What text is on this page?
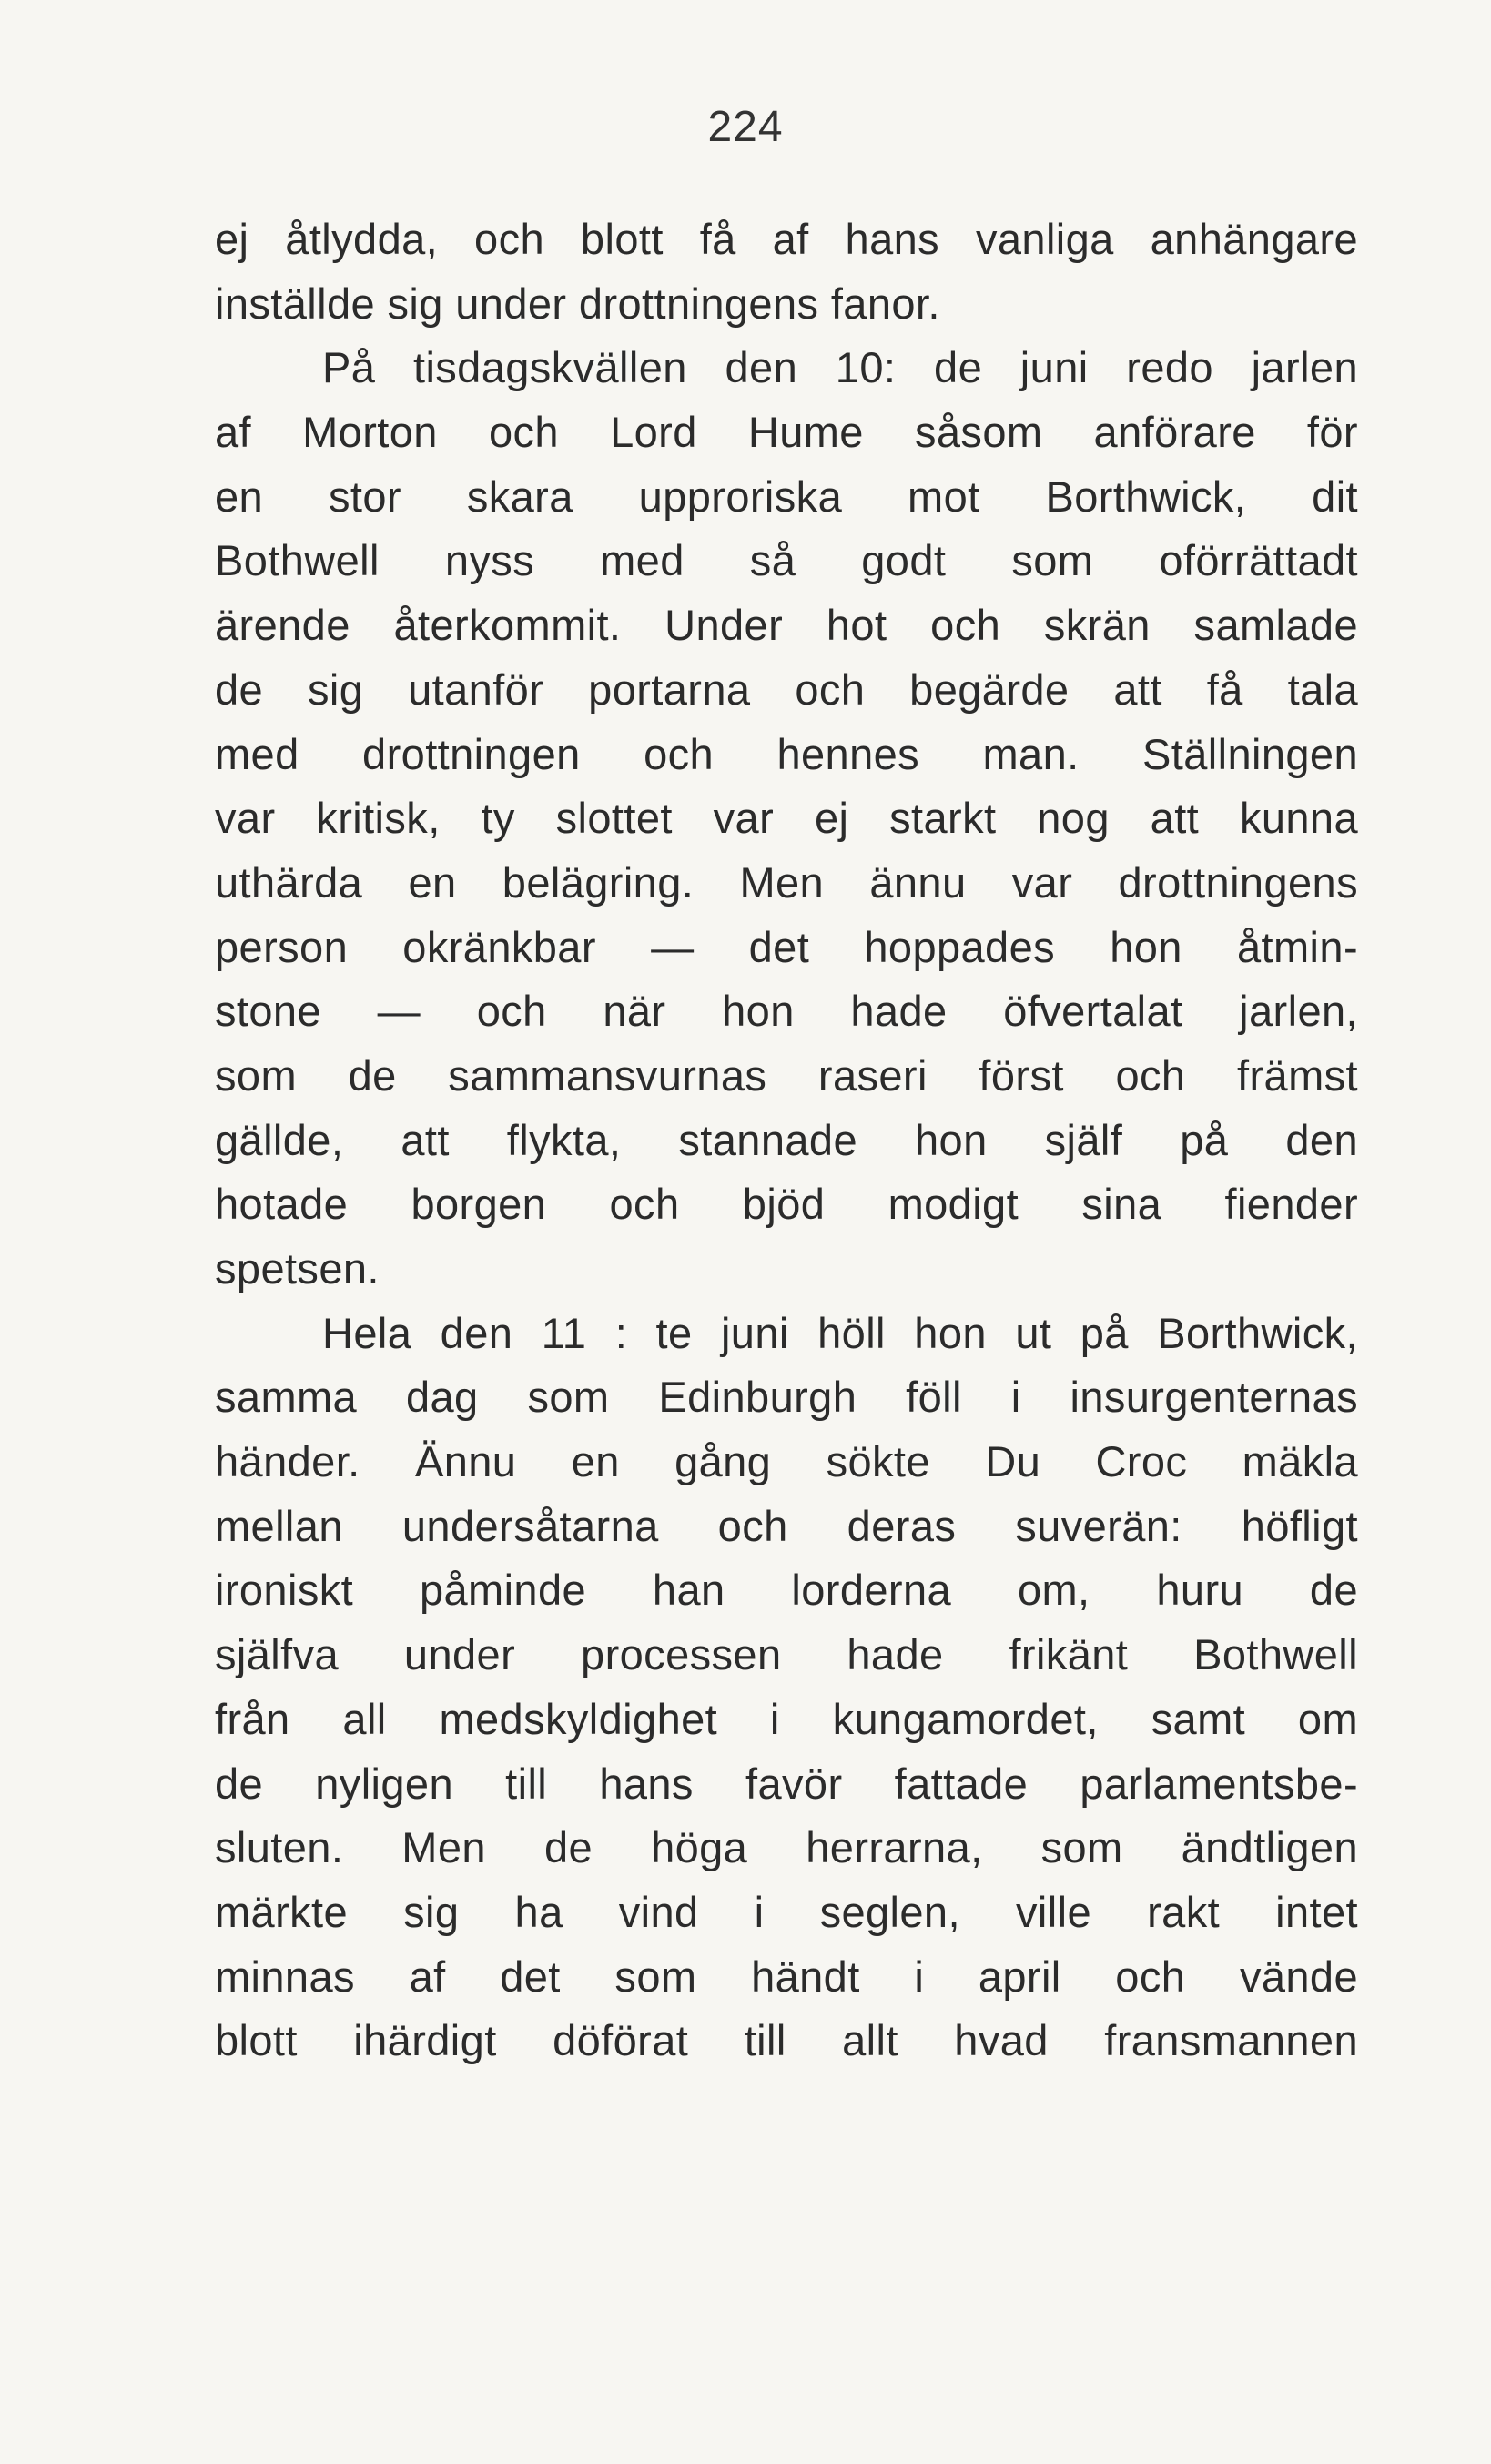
224
ej åtlydda, och blott få af hans vanliga anhängare
inställde sig under drottningens fanor.
På tisdagskvällen den 10: de juni redo jarlen
af Morton och Lord Hume såsom anförare för
en stor skara upproriska mot Borthwick, dit
Bothwell nyss med så godt som oförrättadt
ärende återkommit. Under hot och skrän samlade
de sig utanför portarna och begärde att få tala
med drottningen och hennes man. Ställningen
var kritisk, ty slottet var ej starkt nog att kunna
uthärda en belägring. Men ännu var drottningens
person okränkbar — det hoppades hon åtmin-
stone — och när hon hade öfvertalat jarlen,
som de sammansvurnas raseri först och främst
gällde, att flykta, stannade hon själf på den
hotade borgen och bjöd modigt sina fiender
spetsen.
Hela den 11 : te juni höll hon ut på Borthwick,
samma dag som Edinburgh föll i insurgenternas
händer. Ännu en gång sökte Du Croc mäkla
mellan undersåtarna och deras suverän: höfligt
ironiskt påminde han lorderna om, huru de
själfva under processen hade frikänt Bothwell
från all medskyldighet i kungamordet, samt om
de nyligen till hans favör fattade parlamentsbe-
sluten. Men de höga herrarna, som ändtligen
märkte sig ha vind i seglen, ville rakt intet
minnas af det som händt i april och vände
blott ihärdigt döförat till allt hvad fransmannen
